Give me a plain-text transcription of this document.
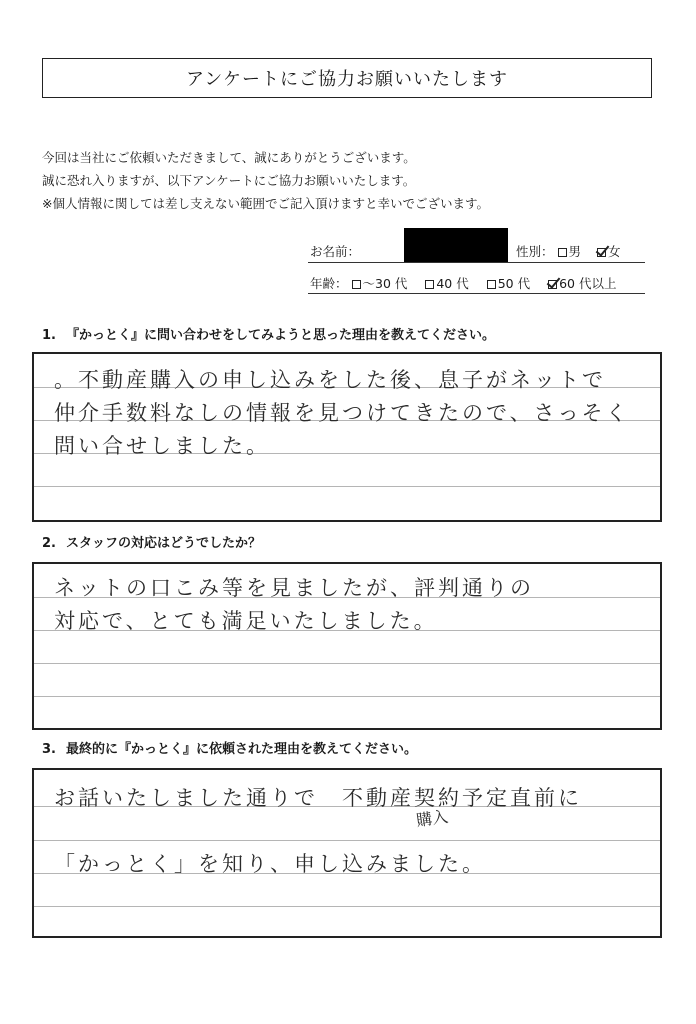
アンケートにご協力お願いいたします
今回は当社にご依頼いただきまして、誠にありがとうございます。
誠に恐れ入りますが、以下アンケートにご協力お願いいたします。
※個人情報に関しては差し支えない範囲でご記入頂けますと幸いでございます。
お名前：	性別： 男 女
年齢： ～30 代 40 代 50 代 60 代以上
1. 『かっとく』に問い合わせをしてみようと思った理由を教えてください。
。不動産購入の申し込みをした後、息子がネットで
仲介手数料なしの情報を見つけてきたので、さっそく
問い合せしました。
2. スタッフの対応はどうでしたか？
ネットの口こみ等を見ましたが、評判通りの
対応で、とても満足いたしました。
3. 最終的に『かっとく』に依頼された理由を教えてください。
お話いたしました通りで　不動産契約予定直前に
購入
「かっとく」を知り、申し込みました。
